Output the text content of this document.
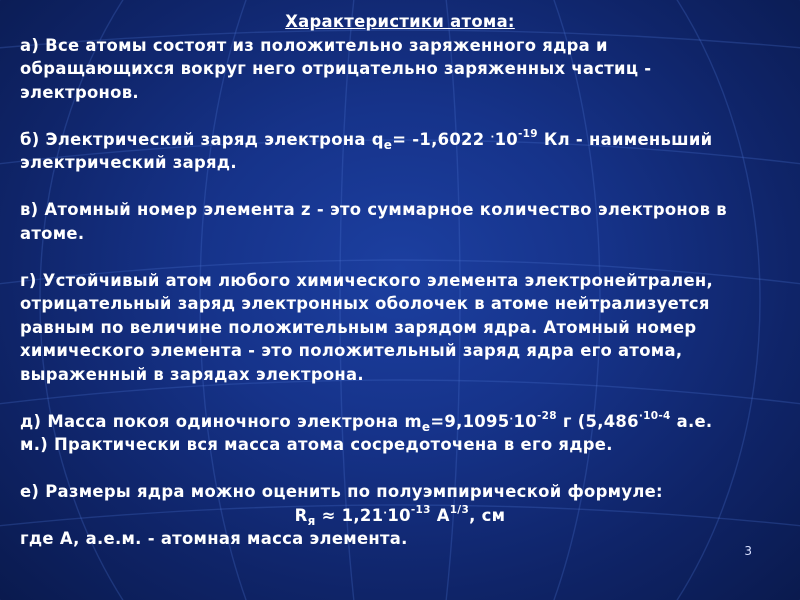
Характеристики атома:

а) Все атомы состоят из положительно заряженного ядра и

обращающихся вокруг него отрицательно заряженных частиц -

электронов.

б) Электрический заряд электрона $q_e= -1,6022$ $^\cdot 10^{-19}$ Кл - наименьший

электрический заряд.

в) Атомный номер элемента z - это суммарное количество электронов в

атоме.

г) Устойчивый атом любого химического элемента электронейтрален,

отрицательный заряд электронных оболочек в атоме нейтрализуется

равным по величине положительным зарядом ядра. Атомный номер

химического элемента - это положительный заряд ядра его атома,

выраженный в зарядах электрона.

д) Масса покоя одиночного электрона $m_e=9,1095^\cdot 10^{-28}$ г ($5,486^{\cdot 10-4}$ а.е.

м.) Практически вся масса атома сосредоточена в его ядре.

е) Размеры ядра можно оценить по полуэмпирической формуле:

$R_я \approx 1,21^\cdot 10^{-13}$ $A^{1/3}$, см

где A, а.е.м. - атомная масса элемента.

3
